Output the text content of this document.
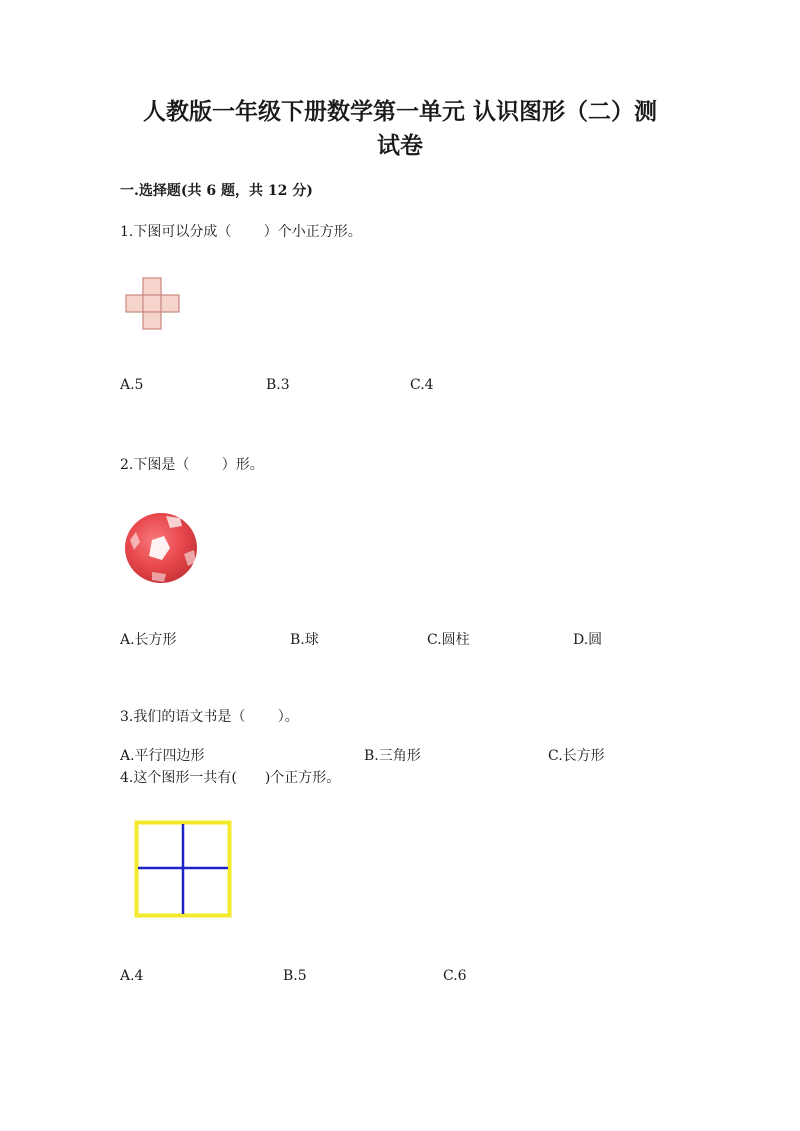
人教版一年级下册数学第一单元 认识图形（二）测
试卷
一.选择题(共 6 题，共 12 分)
1.下图可以分成（　　 ）个小正方形。
A.5	B.3	C.4
2.下图是（　　 ）形。
A.长方形	B.球	C.圆柱	D.圆
3.我们的语文书是（　　 ）。
A.平行四边形	B.三角形	C.长方形
4.这个图形一共有(　　)个正方形。
A.4	B.5	C.6
